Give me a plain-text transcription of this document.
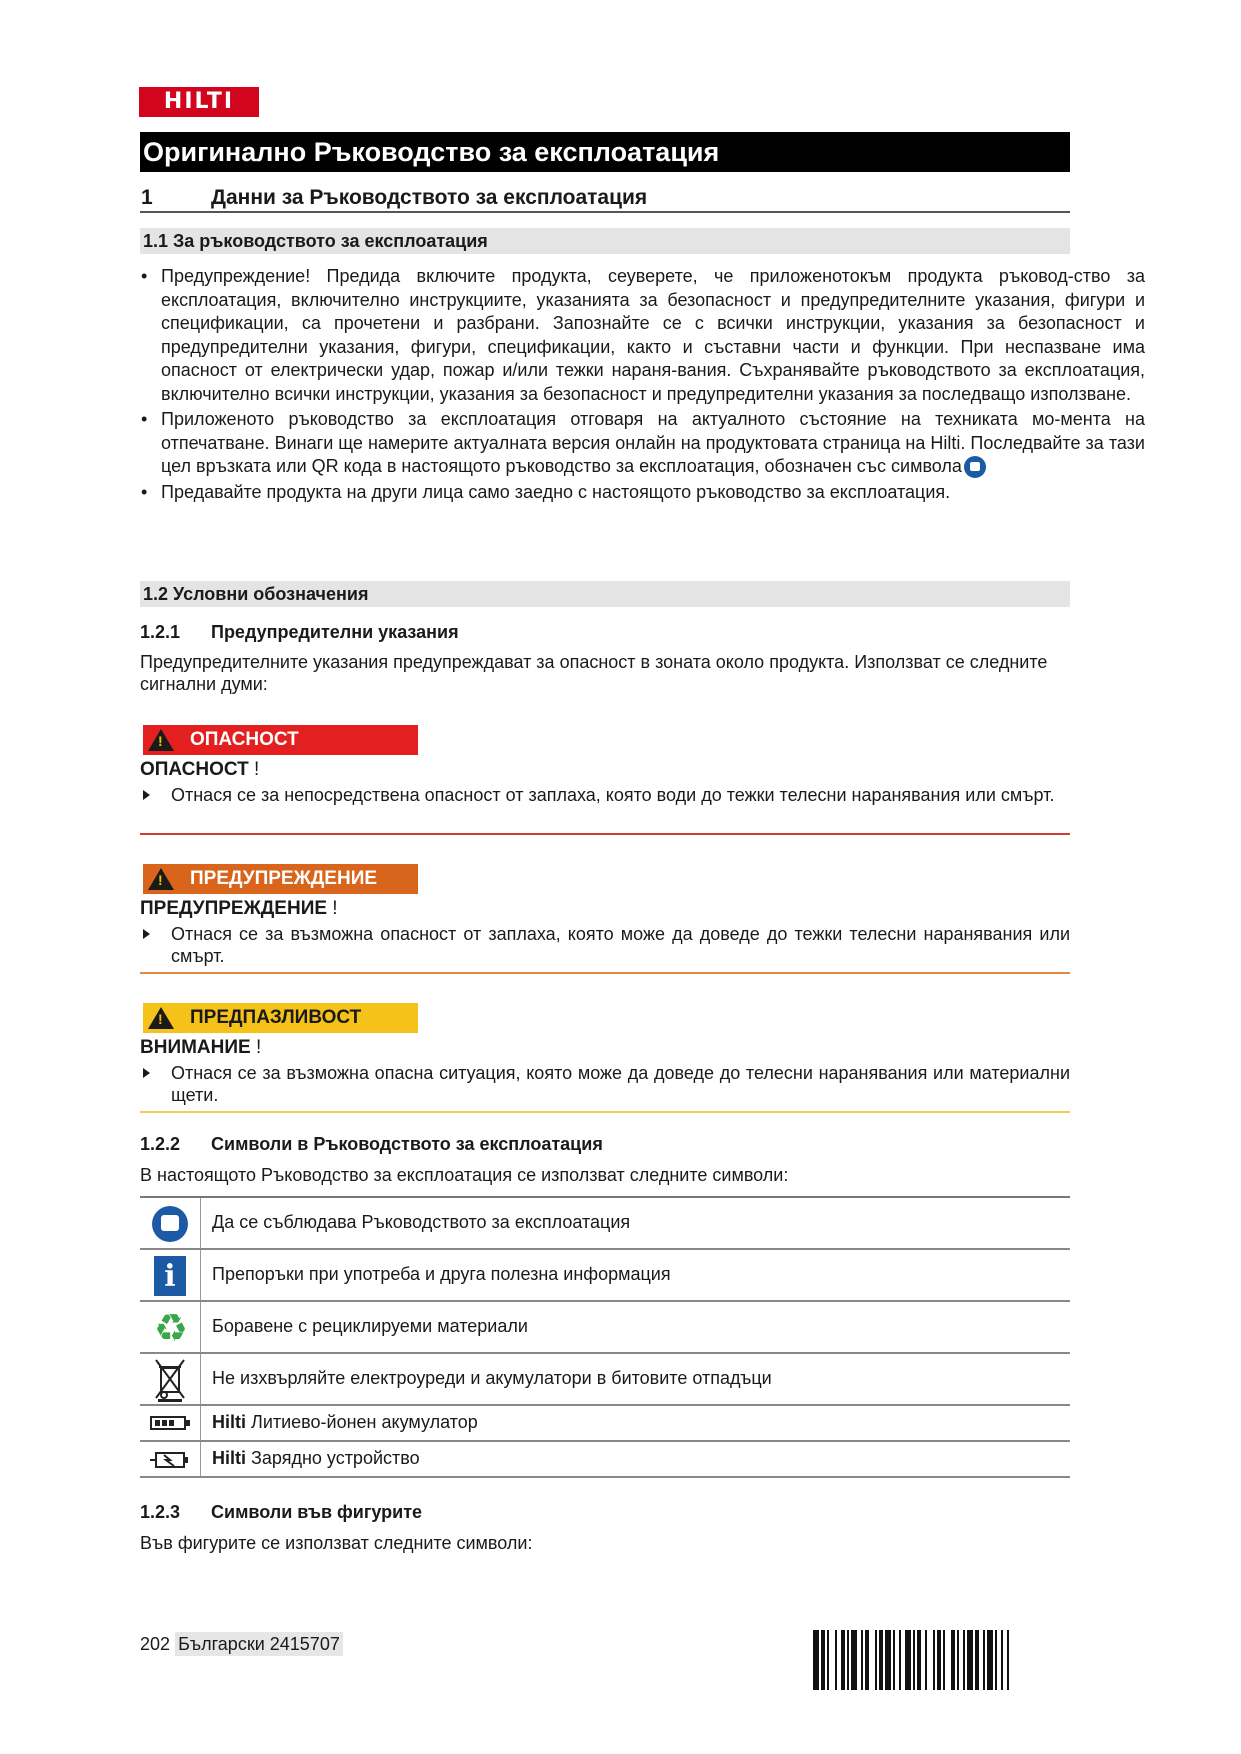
HILTI
Оригинално Ръководство за експлоатация
1	Данни за Ръководството за експлоатация
1.1 За ръководството за експлоатация
• Предупреждение! Предида включите продукта, сеуверете, че приложенотокъм продукта ръковод-ство за експлоатация, включително инструкциите, указанията за безопасност и предупредителните указания, фигури и спецификации, са прочетени и разбрани. Запознайте се с всички инструкции, указания за безопасност и предупредителни указания, фигури, спецификации, както и съставни части и функции. При неспазване има опасност от електрически удар, пожар и/или тежки нараня-вания. Съхранявайте ръководството за експлоатация, включително всички инструкции, указания за безопасност и предупредителни указания за последващо използване.
• Приложеното ръководство за експлоатация отговаря на актуалното състояние на техниката мо-мента на отпечатване. Винаги ще намерите актуалната версия онлайн на продуктовата страница на Hilti. Последвайте за тази цел връзката или QR кода в настоящото ръководство за експлоатация, обозначен със символа
• Предавайте продукта на други лица само заедно с настоящото ръководство за експлоатация.
1.2 Условни обозначения
1.2.1 Предупредителни указания
Предупредителните указания предупреждават за опасност в зоната около продукта. Използват се следните сигнални думи:
!
ОПАСНОСТ
ОПАСНОСТ !
Отнася се за непосредствена опасност от заплаха, която води до тежки телесни наранявания или смърт.
!
ПРЕДУПРЕЖДЕНИЕ
ПРЕДУПРЕЖДЕНИЕ !
Отнася се за възможна опасност от заплаха, която може да доведе до тежки телесни наранявания или смърт.
!
ПРЕДПАЗЛИВОСТ
ВНИМАНИЕ !
Отнася се за възможна опасна ситуация, която може да доведе до телесни наранявания или материални щети.
1.2.2 Символи в Ръководството за експлоатация
В настоящото Ръководство за експлоатация се използват следните символи:
Да се съблюдава Ръководството за експлоатация
i	Препоръки при употреба и друга полезна информация
♻ Боравене с рециклируеми материали
Не изхвърляйте електроуреди и акумулатори в битовите отпадъци
Hilti Литиево-йонен акумулатор
Hilti Зарядно устройство
1.2.3 Символи във фигурите
Във фигурите се използват следните символи:
202 Български 2415707
